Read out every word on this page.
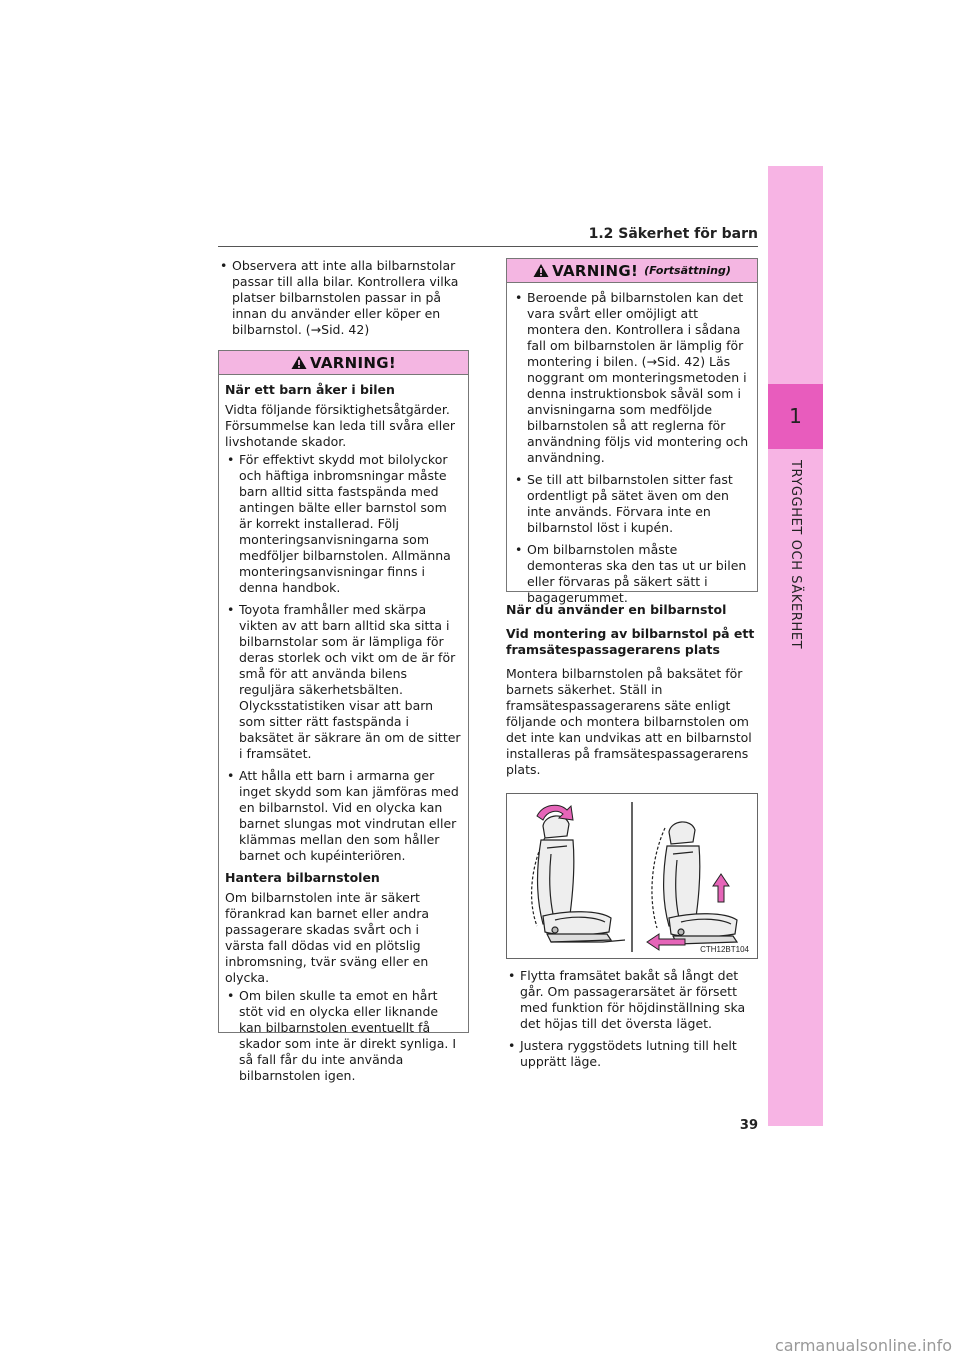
1
TRYGGHET OCH SÄKERHET
1.2 Säkerhet för barn
• Observera att inte alla bilbarnstolar passar till alla bilar. Kontrollera vilka platser bilbarnstolen passar in på innan du använder eller köper en bilbarnstol. (→Sid. 42)
VARNING!
När ett barn åker i bilen
Vidta följande försiktighetsåtgärder. Försummelse kan leda till svåra eller livshotande skador.
• För effektivt skydd mot bilolyckor och häftiga inbromsningar måste barn alltid sitta fastspända med antingen bälte eller barnstol som är korrekt installerad. Följ monteringsanvisningarna som medföljer bilbarnstolen. Allmänna monteringsanvisningar finns i denna handbok.
• Toyota framhåller med skärpa vikten av att barn alltid ska sitta i bilbarnstolar som är lämpliga för deras storlek och vikt om de är för små för att använda bilens reguljära säkerhetsbälten. Olycksstatistiken visar att barn som sitter rätt fastspända i baksätet är säkrare än om de sitter i framsätet.
• Att hålla ett barn i armarna ger inget skydd som kan jämföras med en bilbarnstol. Vid en olycka kan barnet slungas mot vindrutan eller klämmas mellan den som håller barnet och kupéinteriören.
Hantera bilbarnstolen
Om bilbarnstolen inte är säkert förankrad kan barnet eller andra passagerare skadas svårt och i värsta fall dödas vid en plötslig inbromsning, tvär sväng eller en olycka.
• Om bilen skulle ta emot en hårt stöt vid en olycka eller liknande kan bilbarnstolen eventuellt få skador som inte är direkt synliga. I så fall får du inte använda bilbarnstolen igen.
VARNING! (Fortsättning)
• Beroende på bilbarnstolen kan det vara svårt eller omöjligt att montera den. Kontrollera i sådana fall om bilbarnstolen är lämplig för montering i bilen. (→Sid. 42) Läs noggrant om monteringsmetoden i denna instruktionsbok såväl som i anvisningarna som medföljde bilbarnstolen så att reglerna för användning följs vid montering och användning.
• Se till att bilbarnstolen sitter fast ordentligt på sätet även om den inte används. Förvara inte en bilbarnstol löst i kupén.
• Om bilbarnstolen måste demonteras ska den tas ut ur bilen eller förvaras på säkert sätt i bagagerummet.
När du använder en bilbarnstol
Vid montering av bilbarnstol på ett framsätespassagerarens plats

Montera bilbarnstolen på baksätet för barnets säkerhet. Ställ in framsätespassagerarens säte enligt följande och montera bilbarnstolen om det inte kan undvikas att en bilbarnstol installeras på framsätespassagerarens plats.

CTH12BT104
• Flytta framsätet bakåt så långt det går. Om passagerarsätet är försett med funktion för höjdinställning ska det höjas till det översta läget.
• Justera ryggstödets lutning till helt upprätt läge.
39
carmanualsonline.info
